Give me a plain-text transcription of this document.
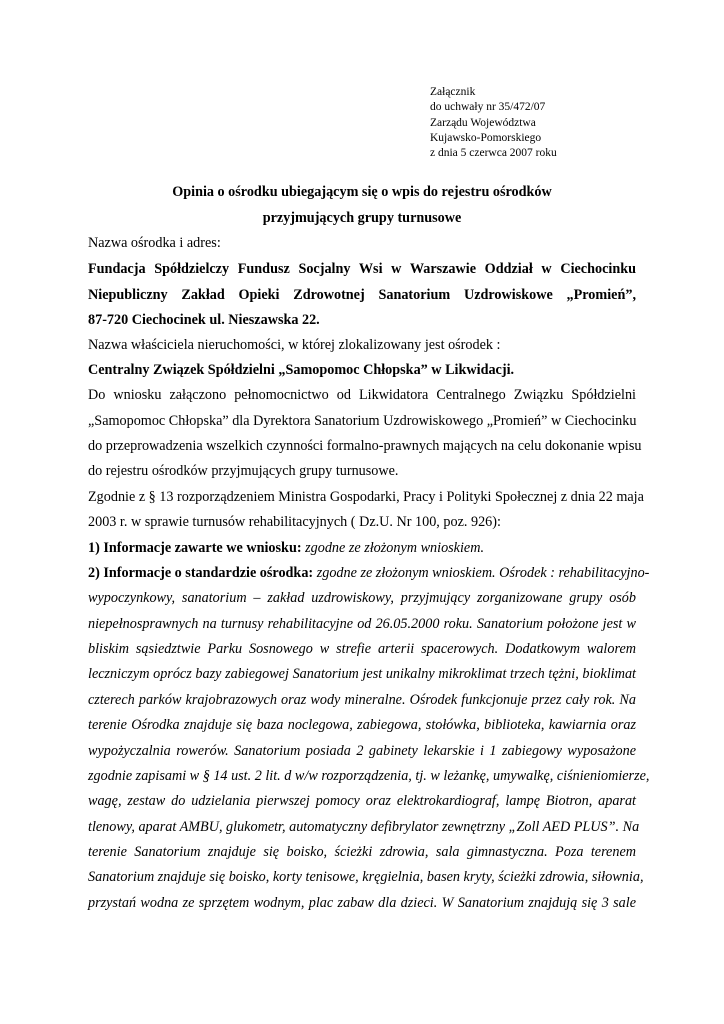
Załącznik
do uchwały nr 35/472/07
Zarządu Województwa
Kujawsko-Pomorskiego
z dnia 5 czerwca 2007 roku
Opinia o ośrodku ubiegającym się o wpis do rejestru ośrodków
przyjmujących grupy turnusowe
Nazwa ośrodka i adres:
Fundacja Spółdzielczy Fundusz Socjalny Wsi w Warszawie Oddział w Ciechocinku
Niepubliczny Zakład Opieki Zdrowotnej Sanatorium Uzdrowiskowe „Promień”,
87-720 Ciechocinek ul. Nieszawska 22.
Nazwa właściciela nieruchomości, w której zlokalizowany jest ośrodek :
Centralny Związek Spółdzielni „Samopomoc Chłopska” w Likwidacji.
Do wniosku załączono pełnomocnictwo od Likwidatora Centralnego Związku Spółdzielni
„Samopomoc Chłopska” dla Dyrektora Sanatorium Uzdrowiskowego „Promień” w Ciechocinku
do przeprowadzenia wszelkich czynności formalno-prawnych mających na celu dokonanie wpisu
do rejestru ośrodków przyjmujących grupy turnusowe.
Zgodnie z § 13 rozporządzeniem Ministra Gospodarki, Pracy i Polityki Społecznej z dnia 22 maja
2003 r. w sprawie turnusów rehabilitacyjnych ( Dz.U. Nr 100, poz. 926):
1) Informacje zawarte we wniosku: zgodne ze złożonym wnioskiem.
2) Informacje o standardzie ośrodka: zgodne ze złożonym wnioskiem. Ośrodek : rehabilitacyjno-
wypoczynkowy, sanatorium – zakład uzdrowiskowy, przyjmujący zorganizowane grupy osób
niepełnosprawnych na turnusy rehabilitacyjne od 26.05.2000 roku. Sanatorium położone jest w
bliskim sąsiedztwie Parku Sosnowego w strefie arterii spacerowych. Dodatkowym walorem
leczniczym oprócz bazy zabiegowej Sanatorium jest unikalny mikroklimat trzech tężni, bioklimat
czterech parków krajobrazowych oraz wody mineralne. Ośrodek funkcjonuje przez cały rok. Na
terenie Ośrodka znajduje się baza noclegowa, zabiegowa, stołówka, biblioteka, kawiarnia oraz
wypożyczalnia rowerów. Sanatorium posiada 2 gabinety lekarskie i 1 zabiegowy wyposażone
zgodnie zapisami w § 14 ust. 2 lit. d w/w rozporządzenia, tj. w leżankę, umywalkę, ciśnieniomierze,
wagę, zestaw do udzielania pierwszej pomocy oraz elektrokardiograf, lampę Biotron, aparat
tlenowy, aparat AMBU, glukometr, automatyczny defibrylator zewnętrzny „Zoll AED PLUS”. Na
terenie Sanatorium znajduje się boisko, ścieżki zdrowia, sala gimnastyczna. Poza terenem
Sanatorium znajduje się boisko, korty tenisowe, kręgielnia, basen kryty, ścieżki zdrowia, siłownia,
przystań wodna ze sprzętem wodnym, plac zabaw dla dzieci. W Sanatorium znajdują się 3 sale
